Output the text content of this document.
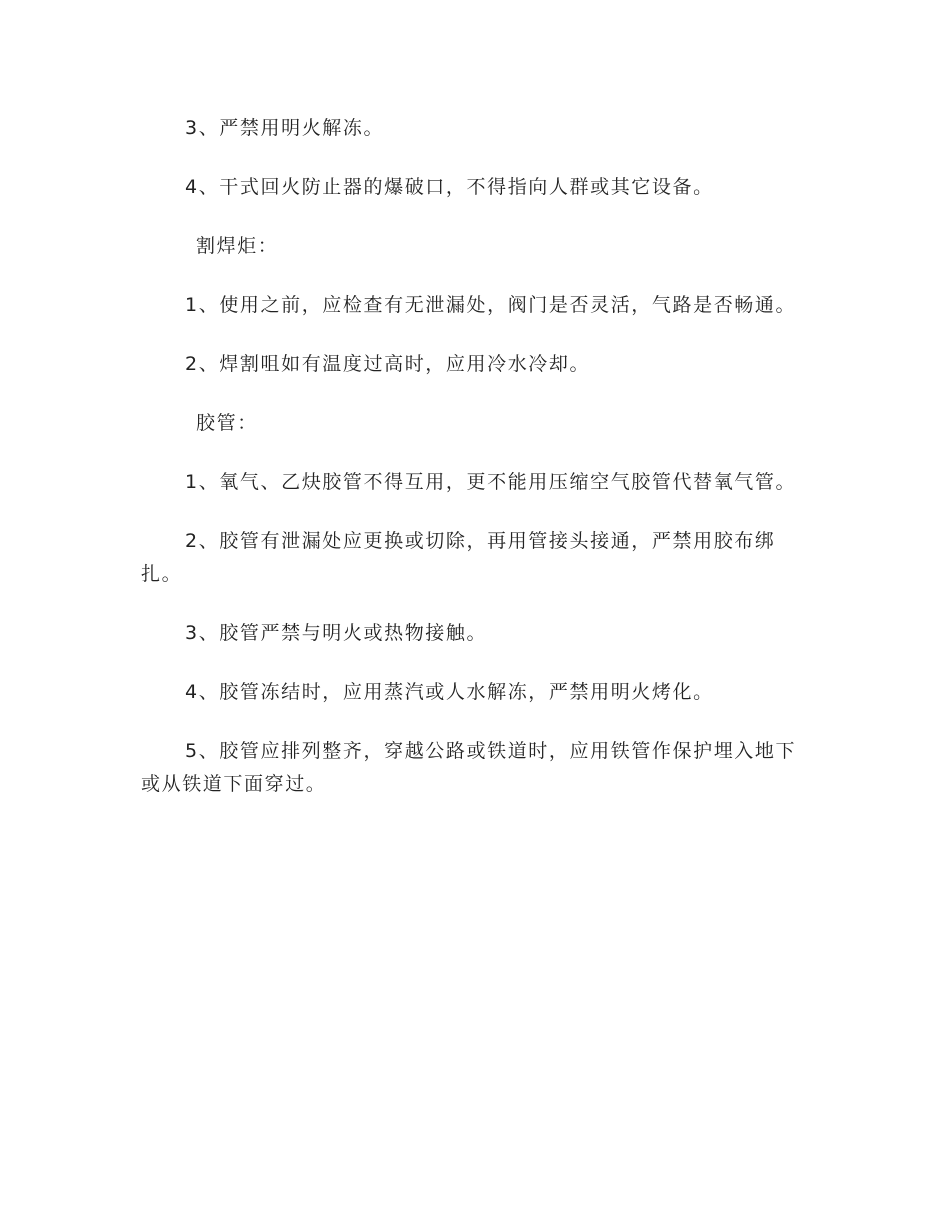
3、严禁用明火解冻。

4、干式回火防止器的爆破口，不得指向人群或其它设备。

割焊炬：

1、使用之前，应检查有无泄漏处，阀门是否灵活，气路是否畅通。

2、焊割咀如有温度过高时，应用冷水冷却。

胶管：

1、氧气、乙炔胶管不得互用，更不能用压缩空气胶管代替氧气管。

2、胶管有泄漏处应更换或切除，再用管接头接通，严禁用胶布绑扎。

3、胶管严禁与明火或热物接触。

4、胶管冻结时，应用蒸汽或人水解冻，严禁用明火烤化。

5、胶管应排列整齐，穿越公路或铁道时，应用铁管作保护埋入地下或从铁道下面穿过。
